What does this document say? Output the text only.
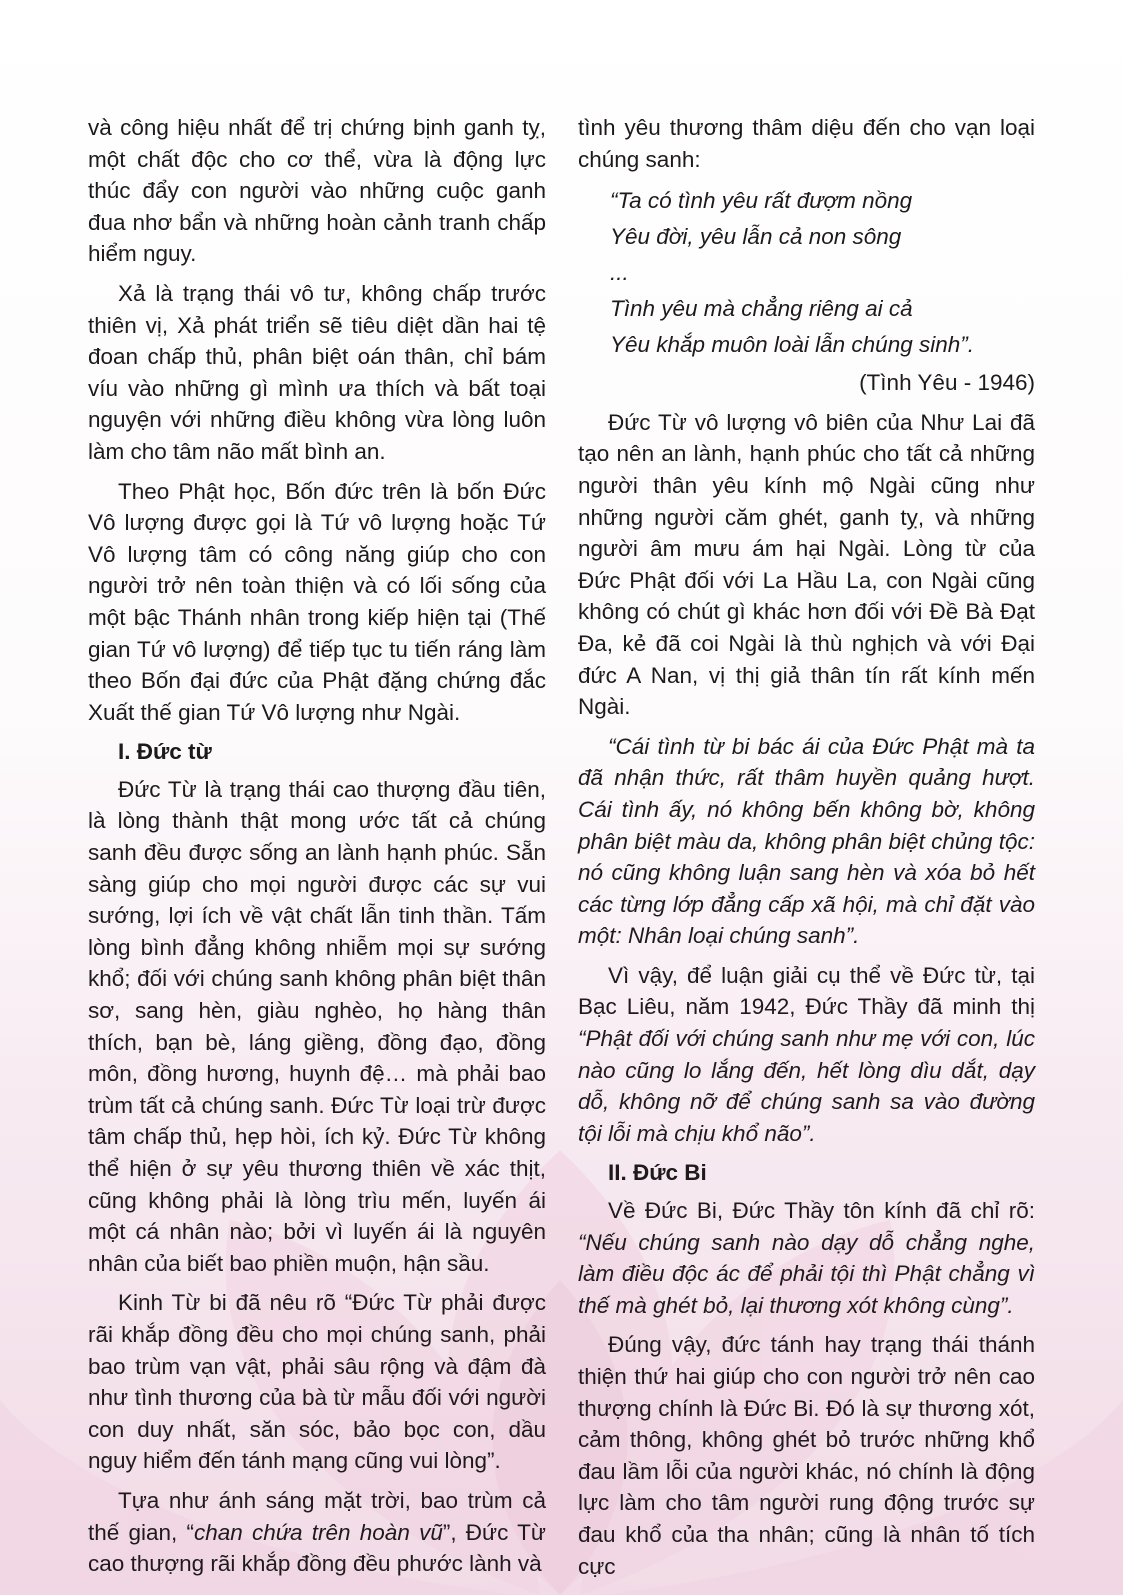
và công hiệu nhất để trị chứng bịnh ganh tỵ, một chất độc cho cơ thể, vừa là động lực thúc đẩy con người vào những cuộc ganh đua nhơ bẩn và những hoàn cảnh tranh chấp hiểm nguy.

Xả là trạng thái vô tư, không chấp trước thiên vị, Xả phát triển sẽ tiêu diệt dần hai tệ đoan chấp thủ, phân biệt oán thân, chỉ bám víu vào những gì mình ưa thích và bất toại nguyện với những điều không vừa lòng luôn làm cho tâm não mất bình an.

Theo Phật học, Bốn đức trên là bốn Đức Vô lượng được gọi là Tứ vô lượng hoặc Tứ Vô lượng tâm có công năng giúp cho con người trở nên toàn thiện và có lối sống của một bậc Thánh nhân trong kiếp hiện tại (Thế gian Tứ vô lượng) để tiếp tục tu tiến ráng làm theo Bốn đại đức của Phật đặng chứng đắc Xuất thế gian Tứ Vô lượng như Ngài.

I. Đức từ

Đức Từ là trạng thái cao thượng đầu tiên, là lòng thành thật mong ước tất cả chúng sanh đều được sống an lành hạnh phúc. Sẵn sàng giúp cho mọi người được các sự vui sướng, lợi ích về vật chất lẫn tinh thần. Tấm lòng bình đẳng không nhiễm mọi sự sướng khổ; đối với chúng sanh không phân biệt thân sơ, sang hèn, giàu nghèo, họ hàng thân thích, bạn bè, láng giềng, đồng đạo, đồng môn, đồng hương, huynh đệ… mà phải bao trùm tất cả chúng sanh. Đức Từ loại trừ được tâm chấp thủ, hẹp hòi, ích kỷ. Đức Từ không thể hiện ở sự yêu thương thiên về xác thịt, cũng không phải là lòng trìu mến, luyến ái một cá nhân nào; bởi vì luyến ái là nguyên nhân của biết bao phiền muộn, hận sầu.

Kinh Từ bi đã nêu rõ “Đức Từ phải được rãi khắp đồng đều cho mọi chúng sanh, phải bao trùm vạn vật, phải sâu rộng và đậm đà như tình thương của bà từ mẫu đối với người con duy nhất, săn sóc, bảo bọc con, dầu nguy hiểm đến tánh mạng cũng vui lòng”.

Tựa như ánh sáng mặt trời, bao trùm cả thế gian, “chan chứa trên hoàn vũ”, Đức Từ cao thượng rãi khắp đồng đều phước lành và

tình yêu thương thâm diệu đến cho vạn loại chúng sanh:

“Ta có tình yêu rất đượm nồng
Yêu đời, yêu lẫn cả non sông
...
Tình yêu mà chẳng riêng ai cả
Yêu khắp muôn loài lẫn chúng sinh”.

(Tình Yêu - 1946)

Đức Từ vô lượng vô biên của Như Lai đã tạo nên an lành, hạnh phúc cho tất cả những người thân yêu kính mộ Ngài cũng như những người căm ghét, ganh tỵ, và những người âm mưu ám hại Ngài. Lòng từ của Đức Phật đối với La Hầu La, con Ngài cũng không có chút gì khác hơn đối với Đề Bà Đạt Đa, kẻ đã coi Ngài là thù nghịch và với Đại đức A Nan, vị thị giả thân tín rất kính mến Ngài.

“Cái tình từ bi bác ái của Đức Phật mà ta đã nhận thức, rất thâm huyền quảng hượt. Cái tình ấy, nó không bến không bờ, không phân biệt màu da, không phân biệt chủng tộc: nó cũng không luận sang hèn và xóa bỏ hết các từng lớp đẳng cấp xã hội, mà chỉ đặt vào một: Nhân loại chúng sanh”.

Vì vậy, để luận giải cụ thể về Đức từ, tại Bạc Liêu, năm 1942, Đức Thầy đã minh thị “Phật đối với chúng sanh như mẹ với con, lúc nào cũng lo lắng đến, hết lòng dìu dắt, dạy dỗ, không nỡ để chúng sanh sa vào đường tội lỗi mà chịu khổ não”.

II. Đức Bi

Về Đức Bi, Đức Thầy tôn kính đã chỉ rõ: “Nếu chúng sanh nào dạy dỗ chẳng nghe, làm điều độc ác để phải tội thì Phật chẳng vì thế mà ghét bỏ, lại thương xót không cùng”.

Đúng vậy, đức tánh hay trạng thái thánh thiện thứ hai giúp cho con người trở nên cao thượng chính là Đức Bi. Đó là sự thương xót, cảm thông, không ghét bỏ trước những khổ đau lầm lỗi của người khác, nó chính là động lực làm cho tâm người rung động trước sự đau khổ của tha nhân; cũng là nhân tố tích cực
